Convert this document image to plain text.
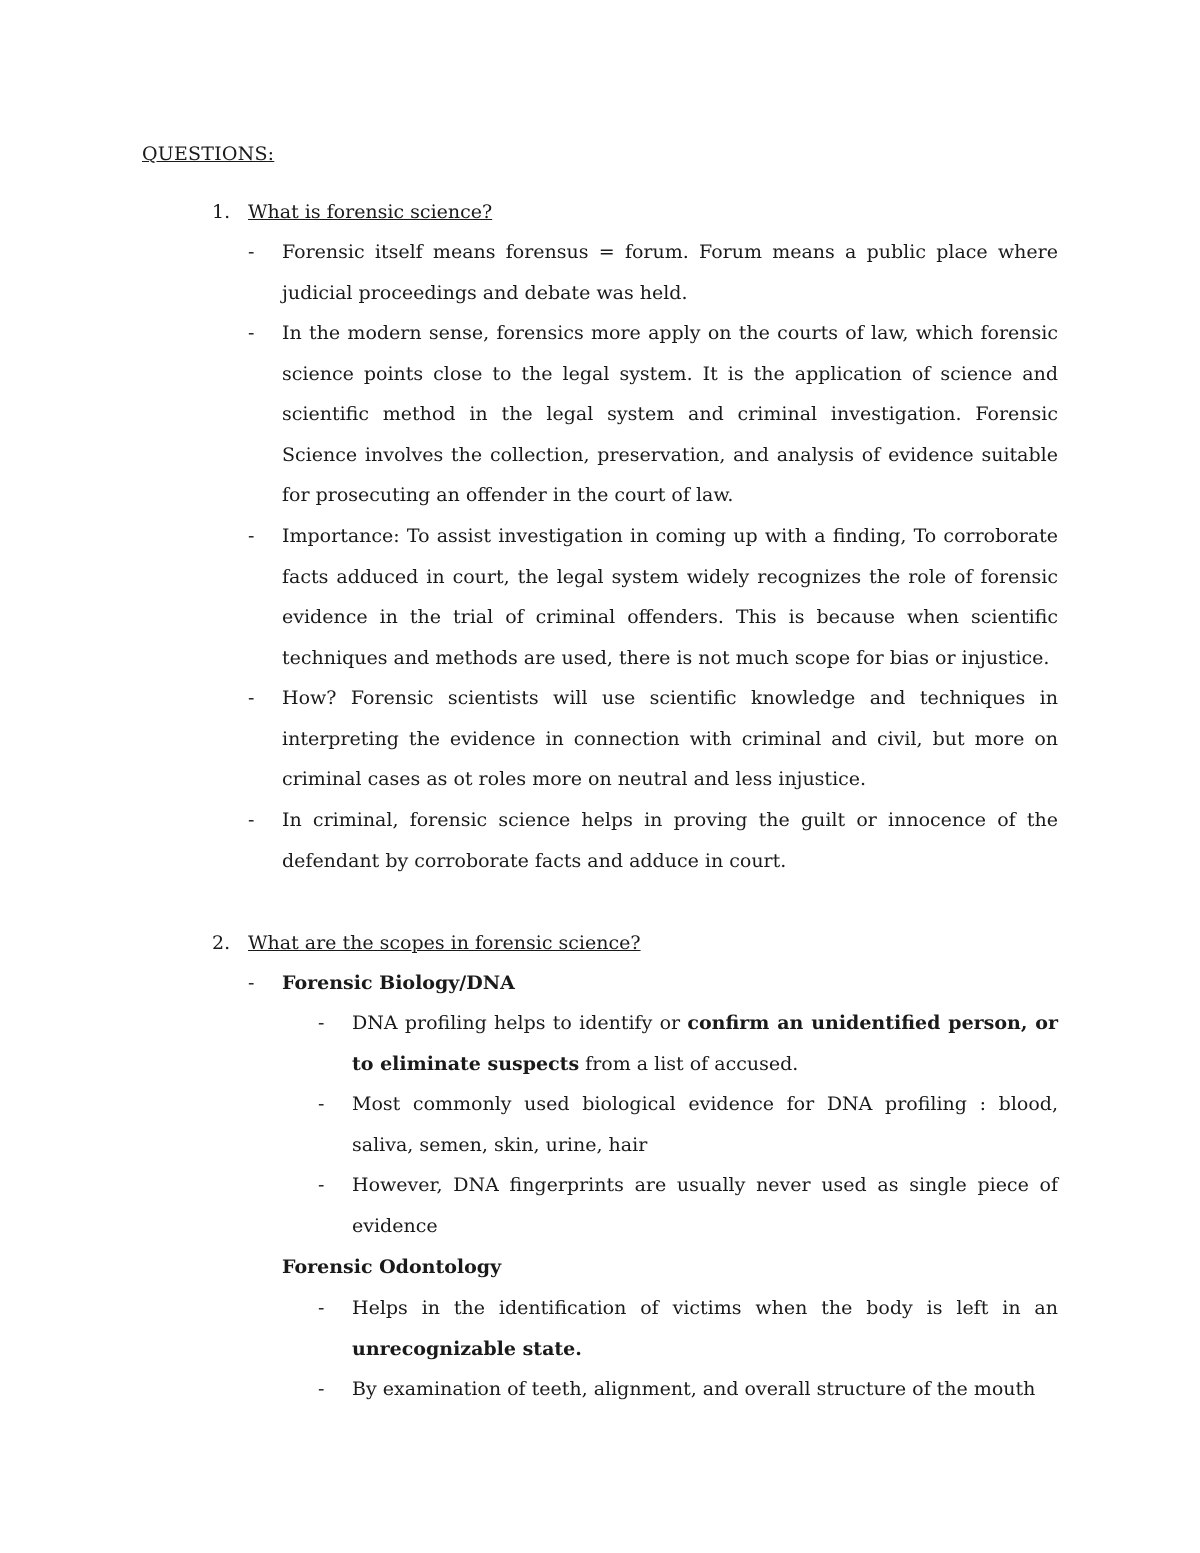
QUESTIONS:
1. What is forensic science?
- Forensic itself means forensus = forum. Forum means a public place where judicial proceedings and debate was held.
- In the modern sense, forensics more apply on the courts of law, which forensic science points close to the legal system. It is the application of science and scientific method in the legal system and criminal investigation. Forensic Science involves the collection, preservation, and analysis of evidence suitable for prosecuting an offender in the court of law.
- Importance: To assist investigation in coming up with a finding, To corroborate facts adduced in court, the legal system widely recognizes the role of forensic evidence in the trial of criminal offenders. This is because when scientific techniques and methods are used, there is not much scope for bias or injustice.
- How? Forensic scientists will use scientific knowledge and techniques in interpreting the evidence in connection with criminal and civil, but more on criminal cases as ot roles more on neutral and less injustice.
- In criminal, forensic science helps in proving the guilt or innocence of the defendant by corroborate facts and adduce in court.
2. What are the scopes in forensic science?
- Forensic Biology/DNA
- DNA profiling helps to identify or confirm an unidentified person, or to eliminate suspects from a list of accused.
- Most commonly used biological evidence for DNA profiling : blood, saliva, semen, skin, urine, hair
- However, DNA fingerprints are usually never used as single piece of evidence
Forensic Odontology
- Helps in the identification of victims when the body is left in an unrecognizable state.
- By examination of teeth, alignment, and overall structure of the mouth
